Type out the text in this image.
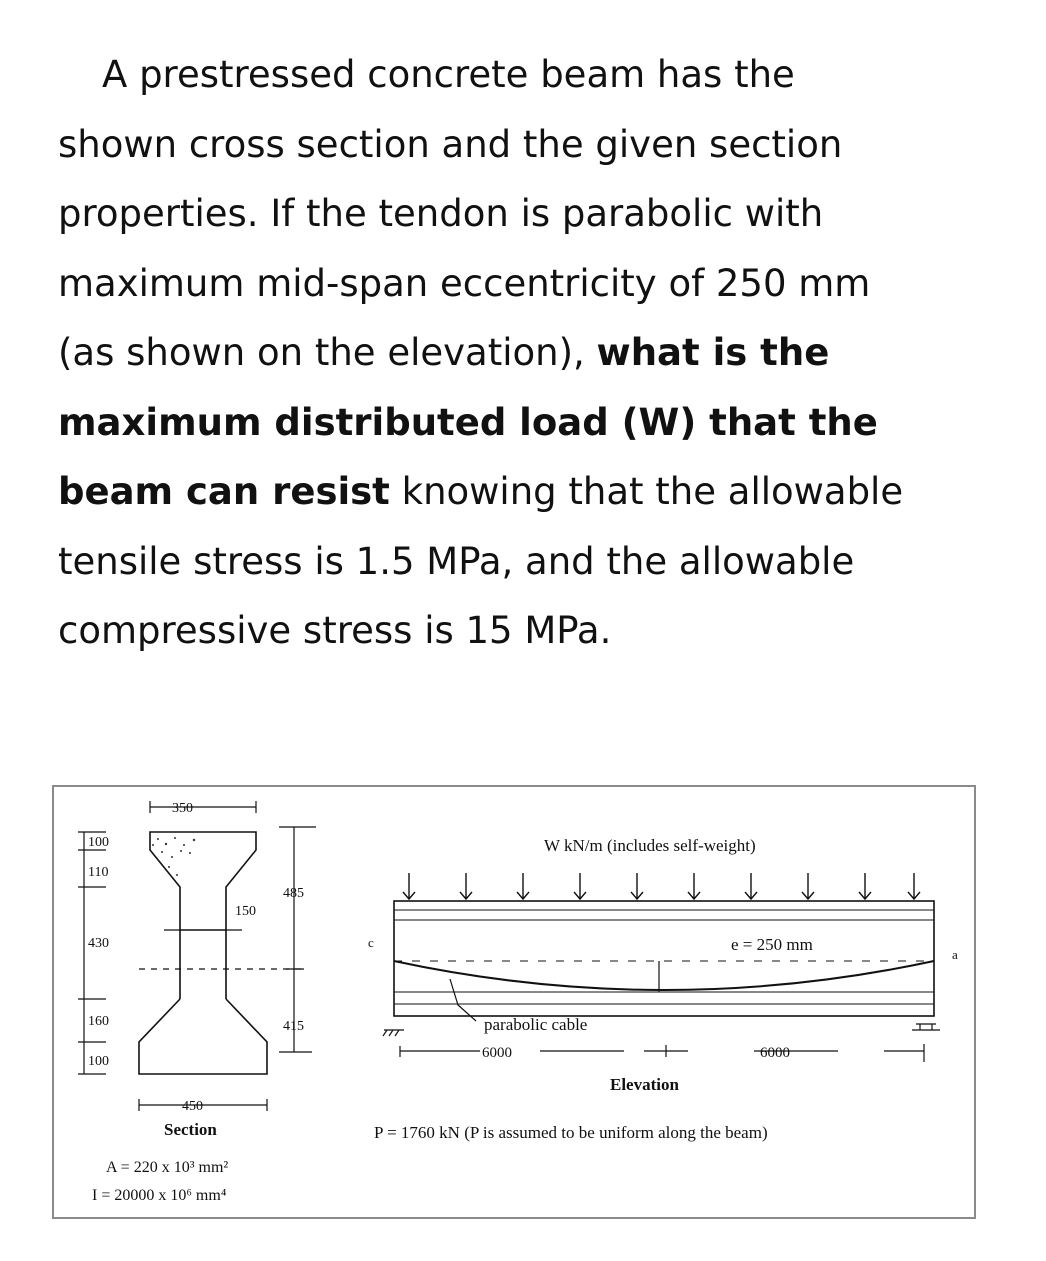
A prestressed concrete beam has the
shown cross section and the given section
properties. If the tendon is parabolic with
maximum mid-span eccentricity of 250 mm
(as shown on the elevation), what is the
maximum distributed load (W) that the
beam can resist knowing that the allowable
tensile stress is 1.5 MPa, and the allowable
compressive stress is 15 MPa.

350
100
110
430
160
100
150
485
415
450
Section
A = 220 x 10³ mm²
I = 20000 x 10⁶ mm⁴
W kN/m (includes self-weight)
e = 250 mm
c
a
parabolic cable
6000	6000
Elevation
P = 1760 kN (P is assumed to be uniform along the beam)
